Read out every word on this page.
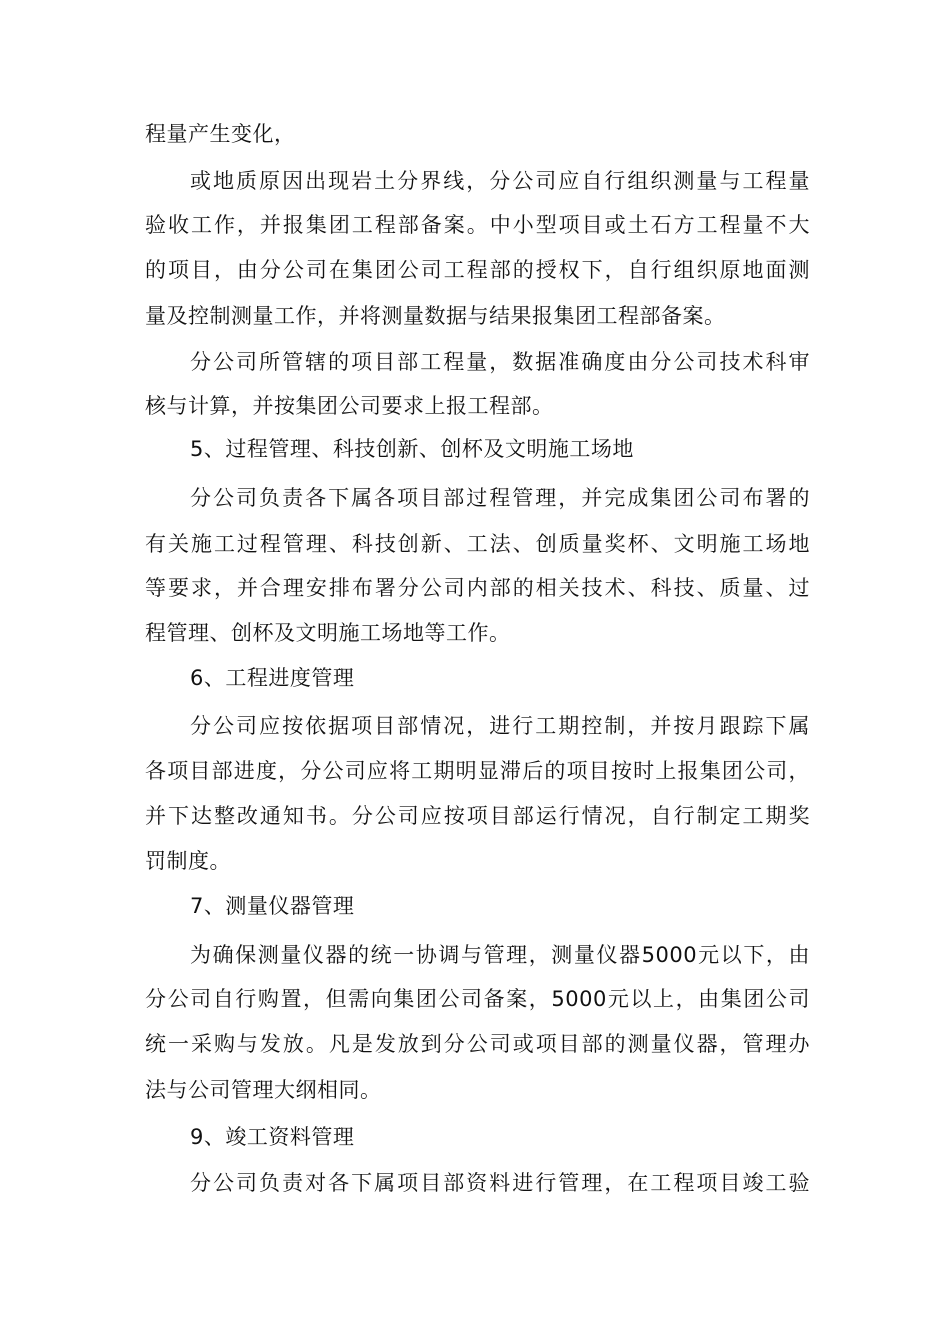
程量产生变化，
或地质原因出现岩土分界线，分公司应自行组织测量与工程量
验收工作，并报集团工程部备案。中小型项目或土石方工程量不大
的项目，由分公司在集团公司工程部的授权下，自行组织原地面测
量及控制测量工作，并将测量数据与结果报集团工程部备案。
分公司所管辖的项目部工程量，数据准确度由分公司技术科审
核与计算，并按集团公司要求上报工程部。
5、过程管理、科技创新、创杯及文明施工场地
分公司负责各下属各项目部过程管理，并完成集团公司布署的
有关施工过程管理、科技创新、工法、创质量奖杯、文明施工场地
等要求，并合理安排布署分公司内部的相关技术、科技、质量、过
程管理、创杯及文明施工场地等工作。
6、工程进度管理
分公司应按依据项目部情况，进行工期控制，并按月跟踪下属
各项目部进度，分公司应将工期明显滞后的项目按时上报集团公司，
并下达整改通知书。分公司应按项目部运行情况，自行制定工期奖
罚制度。
7、测量仪器管理
为确保测量仪器的统一协调与管理，测量仪器5000元以下，由
分公司自行购置，但需向集团公司备案，5000元以上，由集团公司
统一采购与发放。凡是发放到分公司或项目部的测量仪器，管理办
法与公司管理大纲相同。
9、竣工资料管理
分公司负责对各下属项目部资料进行管理，在工程项目竣工验
